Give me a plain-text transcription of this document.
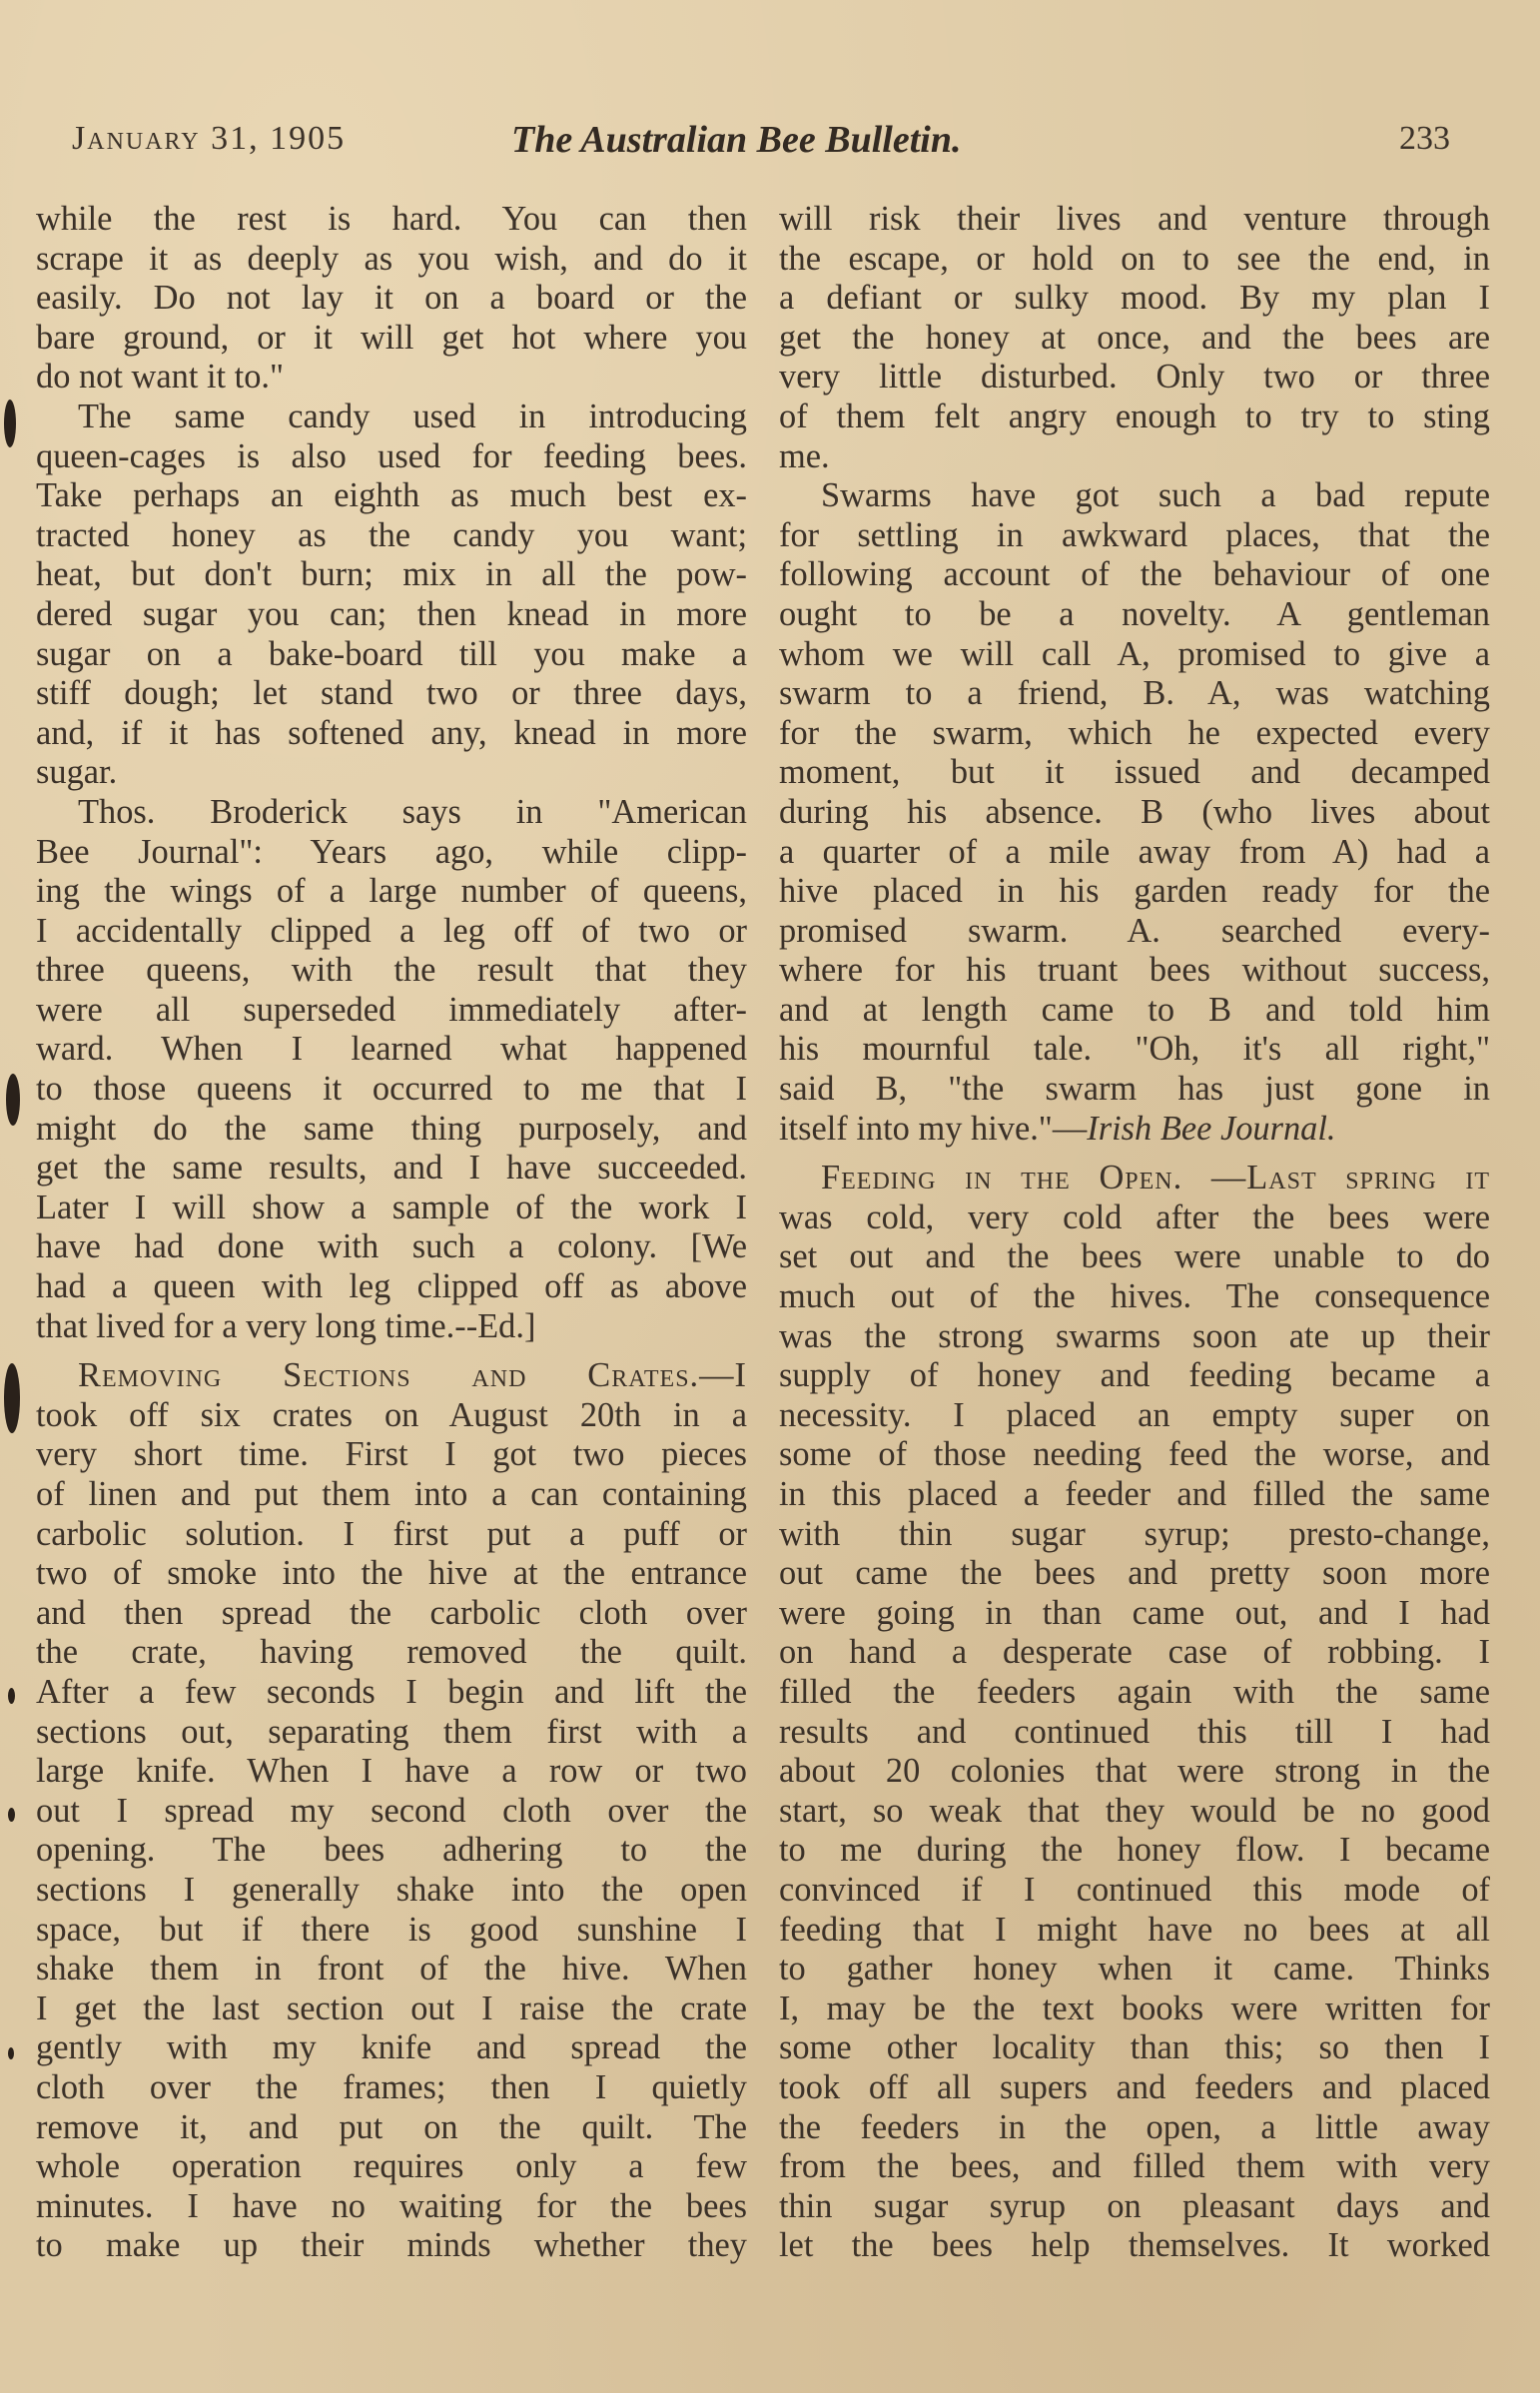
January 31, 1905	The Australian Bee Bulletin.	233
while the rest is hard. You can then
scrape it as deeply as you wish, and do it
easily. Do not lay it on a board or the
bare ground, or it will get hot where you
do not want it to."
The same candy used in introducing
queen-cages is also used for feeding bees.
Take perhaps an eighth as much best ex-
tracted honey as the candy you want;
heat, but don't burn; mix in all the pow-
dered sugar you can; then knead in more
sugar on a bake-board till you make a
stiff dough; let stand two or three days,
and, if it has softened any, knead in more
sugar.
Thos. Broderick says in "American
Bee Journal": Years ago, while clipp-
ing the wings of a large number of queens,
I accidentally clipped a leg off of two or
three queens, with the result that they
were all superseded immediately after-
ward. When I learned what happened
to those queens it occurred to me that I
might do the same thing purposely, and
get the same results, and I have succeeded.
Later I will show a sample of the work I
have had done with such a colony. [We
had a queen with leg clipped off as above
that lived for a very long time.--Ed.]
Removing Sections and Crates.—I
took off six crates on August 20th in a
very short time. First I got two pieces
of linen and put them into a can containing
carbolic solution. I first put a puff or
two of smoke into the hive at the entrance
and then spread the carbolic cloth over
the crate, having removed the quilt.
After a few seconds I begin and lift the
sections out, separating them first with a
large knife. When I have a row or two
out I spread my second cloth over the
opening. The bees adhering to the
sections I generally shake into the open
space, but if there is good sunshine I
shake them in front of the hive. When
I get the last section out I raise the crate
gently with my knife and spread the
cloth over the frames; then I quietly
remove it, and put on the quilt. The
whole operation requires only a few
minutes. I have no waiting for the bees
to make up their minds whether they
will risk their lives and venture through
the escape, or hold on to see the end, in
a defiant or sulky mood. By my plan I
get the honey at once, and the bees are
very little disturbed. Only two or three
of them felt angry enough to try to sting
me.
Swarms have got such a bad repute
for settling in awkward places, that the
following account of the behaviour of one
ought to be a novelty. A gentleman
whom we will call A, promised to give a
swarm to a friend, B. A, was watching
for the swarm, which he expected every
moment, but it issued and decamped
during his absence. B (who lives about
a quarter of a mile away from A) had a
hive placed in his garden ready for the
promised swarm. A. searched every-
where for his truant bees without success,
and at length came to B and told him
his mournful tale. "Oh, it's all right,"
said B, "the swarm has just gone in
itself into my hive."—Irish Bee Journal.
Feeding in the Open. —Last spring it
was cold, very cold after the bees were
set out and the bees were unable to do
much out of the hives. The consequence
was the strong swarms soon ate up their
supply of honey and feeding became a
necessity. I placed an empty super on
some of those needing feed the worse, and
in this placed a feeder and filled the same
with thin sugar syrup; presto-change,
out came the bees and pretty soon more
were going in than came out, and I had
on hand a desperate case of robbing. I
filled the feeders again with the same
results and continued this till I had
about 20 colonies that were strong in the
start, so weak that they would be no good
to me during the honey flow. I became
convinced if I continued this mode of
feeding that I might have no bees at all
to gather honey when it came. Thinks
I, may be the text books were written for
some other locality than this; so then I
took off all supers and feeders and placed
the feeders in the open, a little away
from the bees, and filled them with very
thin sugar syrup on pleasant days and
let the bees help themselves. It worked
